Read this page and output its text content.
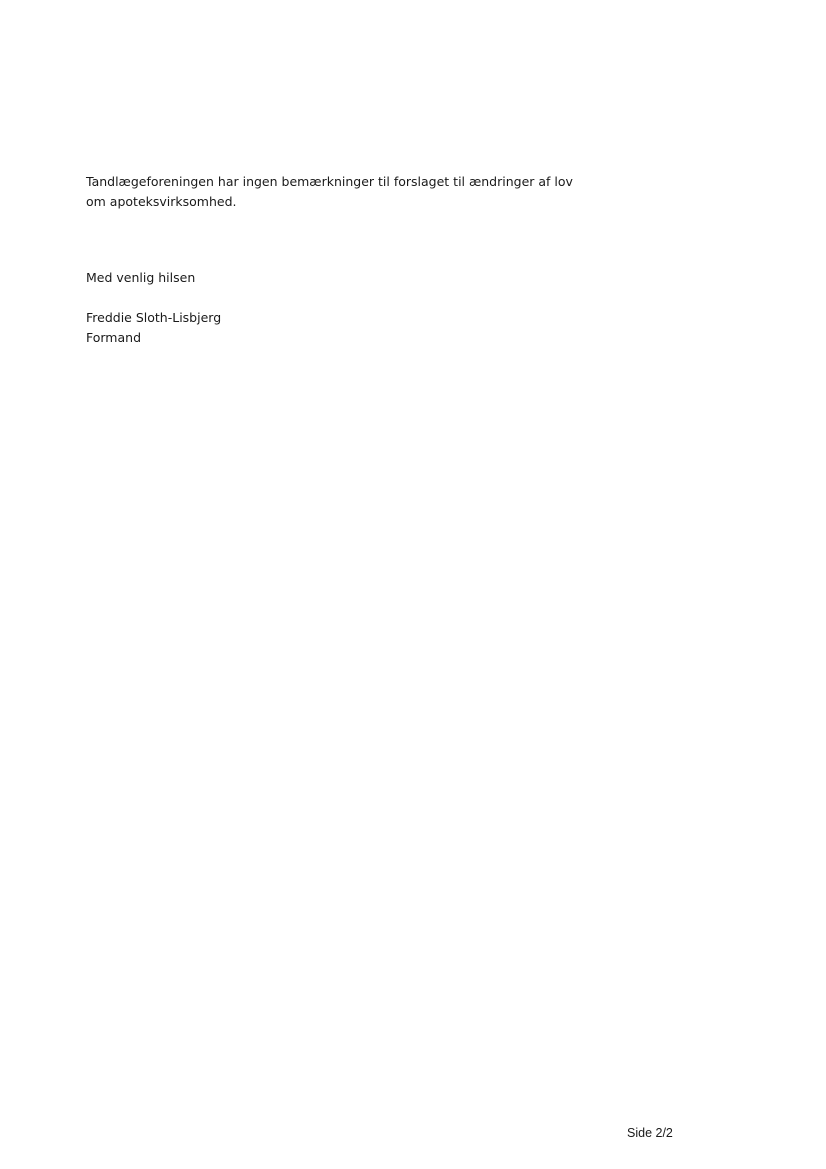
Tandlægeforeningen har ingen bemærkninger til forslaget til ændringer af lov
om apoteksvirksomhed.

Med venlig hilsen

Freddie Sloth-Lisbjerg
Formand
Side 2/2
